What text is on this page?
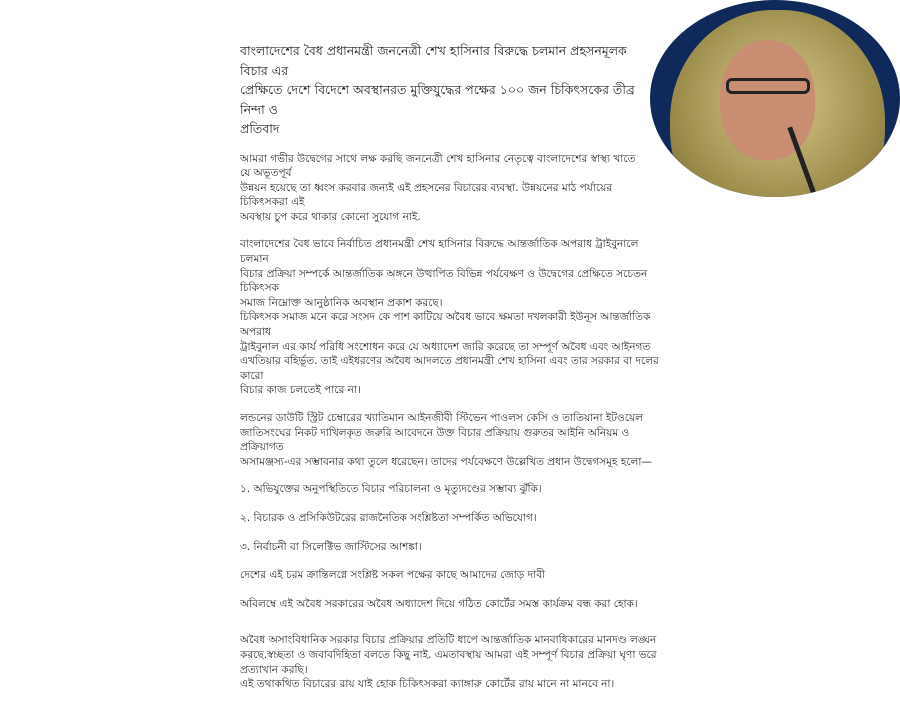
বাংলাদেশের বৈধ প্রধানমন্ত্রী জননেত্রী শেখ হাসিনার বিরুদ্ধে চলমান প্রহসনমূলক বিচার এর
প্রেক্ষিতে দেশে বিদেশে অবস্থানরত মুক্তিযুদ্ধের পক্ষের ১০০ জন চিকিৎসকের তীব্র নিন্দা ও
প্রতিবাদ
আমরা গভীর উদ্বেগের সাথে লক্ষ করছি জননেত্রী শেখ হাসিনার নেতৃত্বে বাংলাদেশের স্বাস্থ্য খাতে যে অভূতপূর্ব
উন্নয়ন হয়েছে তা ধ্বংস করবার জন্যই এই প্রহসনের বিচারের ব্যবস্থা. উন্নয়নের মাঠ পর্যায়ের চিকিৎসকরা এই
অবস্থায় চুপ করে থাকার কোনো সুযোগ নাই.
বাংলাদেশের বৈধ ভাবে নির্বাচিত প্রধানমন্ত্রী শেখ হাসিনার বিরুদ্ধে আন্তর্জাতিক অপরাধ ট্রাইবুনালে চলমান
বিচার প্রক্রিয়া সম্পর্কে আন্তর্জাতিক অঙ্গনে উত্থাপিত বিভিন্ন পর্যবেক্ষণ ও উদ্বেগের প্রেক্ষিতে সচেতন চিকিৎসক
সমাজ নিম্নোক্ত আনুষ্ঠানিক অবস্থান প্রকাশ করছে।
চিকিৎসক সমাজ মনে করে সংসদ কে পাশ কাটিয়ে অবৈধ ভাবে ক্ষমতা দখলকারী ইউনূস আন্তর্জাতিক অপরাধ
ট্রাইবুনাল এর কার্য পরিধি সংশোধন করে যে অধ্যাদেশ জারি করেছে তা সম্পূর্ণ অবৈধ এবং আইনগত
এখতিয়ার বহির্ভূত. তাই এইধরণের অবৈধ আদলতে প্রধানমন্ত্রী শেখ হাসিনা এবং তার সরকার বা দলের কারো
বিচার কাজ চলতেই পারে না।
লন্ডনের ডাউটি স্ট্রিট চেম্বারের খ্যাতিমান আইনজীবী স্টিভেন পাওলস কেসি ও তাতিয়ানা ইটওয়েল
জাতিসংঘের নিকট দাখিলকৃত জরুরি আবেদনে উক্ত বিচার প্রক্রিয়ায় গুরুতর আইনি অনিয়ম ও প্রক্রিয়াগত
অসামঞ্জস্য-এর সম্ভাবনার কথা তুলে ধরেছেন। তাদের পর্যবেক্ষণে উল্লেখিত প্রধান উদ্বেগসমূহ হলো—
১. অভিযুক্তের অনুপস্থিতিতে বিচার পরিচালনা ও মৃত্যুদণ্ডের সম্ভাব্য ঝুঁকি।
২. বিচারক ও প্রসিকিউটরের রাজনৈতিক সংশ্লিষ্টতা সম্পর্কিত অভিযোগ।
৩. নির্বাচনী বা সিলেক্টিভ জাস্টিসের আশঙ্কা।
দেশের এই চরম ক্রান্তিলগ্নে সংশ্লিষ্ট সকল পক্ষের কাছে আমাদের জোড় দাবী
অবিলম্বে এই অবৈধ সরকারের অবৈধ অধ্যাদেশ দিয়ে গঠিত কোর্টের সমস্ত কার্যক্রম বন্ধ করা হোক।
অবৈধ অসাংবিধানিক সরকার বিচার প্রক্রিয়ার প্রতিটি ধাপে আন্তর্জাতিক মানবাধিকারের মানদণ্ড লঙ্ঘন
করছে.স্বচ্ছতা ও জবাবদিহিতা বলতে কিছু নাই. এমতাবস্থায় আমরা এই সম্পূর্ণ বিচার প্রক্রিয়া ঘৃণা ভরে
প্রত্যাখান করছি।
এই তথাকথিত বিচারের রায় যাই হোক চিকিৎসকরা ক্যাঙ্গারু কোর্টের রায় মানে না মানবে না।
